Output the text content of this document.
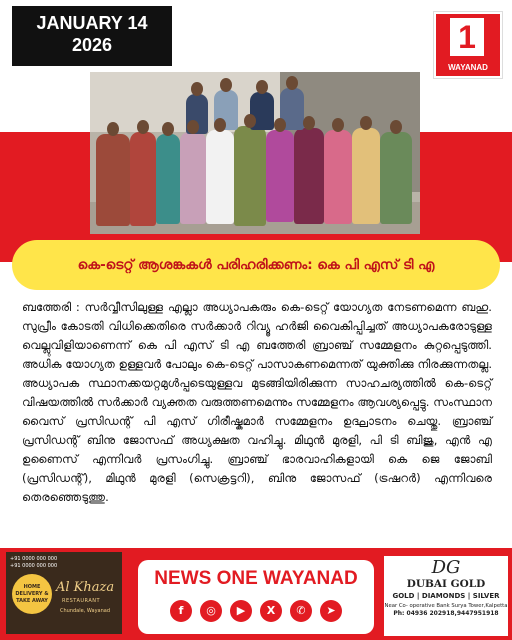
JANUARY 14
2026	1
WAYANAD
കെ-ടെറ്റ് ആശങ്കകൾ പരിഹരിക്കണം: കെ പി എസ് ടി എ
ബത്തേരി : സർവ്വീസിലുള്ള എല്ലാ അധ്യാപകരും കെ-ടെറ്റ് യോഗ്യത നേടണമെന്ന ബഹു. സുപ്രീം കോടതി വിധിക്കെതിരെ സർക്കാർ റിവ്യൂ ഹർജി വൈകിപ്പിച്ചത് അധ്യാപകരോടുള്ള വെല്ലുവിളിയാണെന്ന് കെ പി എസ് ടി എ ബത്തേരി ബ്രാഞ്ച് സമ്മേളനം കുറ്റപ്പെടുത്തി. അധിക യോഗ്യത ഉള്ളവർ പോലും കെ-ടെറ്റ് പാസാകണമെന്നത് യുക്തിക്കു നിരക്കുന്നതല്ല. അധ്യാപക സ്ഥാനക്കയറ്റമുൾപ്പടെയുള്ളവ മുടങ്ങിയിരിക്കുന്ന സാഹചര്യത്തിൽ കെ-ടെറ്റ് വിഷയത്തിൽ സർക്കാർ വ്യക്തത വരുത്തണമെന്നും സമ്മേളനം ആവശ്യപ്പെട്ടു. സംസ്ഥാന വൈസ് പ്രസിഡന്റ് പി എസ് ഗിരീഷ്കുമാർ സമ്മേളനം ഉദ്ഘാടനം ചെയ്തു. ബ്രാഞ്ച് പ്രസിഡന്റ് ബിനു ജോസഫ് അധ്യക്ഷത വഹിച്ചു. മിഥുൻ മുരളി, പി ടി ബിജു, എൻ എ ഉണൈസ് എന്നിവർ പ്രസംഗിച്ചു. ബ്രാഞ്ച് ഭാരവാഹികളായി കെ ജെ ജോബി (പ്രസിഡന്റ്), മിഥുൻ മുരളി (സെക്രട്ടറി), ബിനു ജോസഫ് (ട്രഷറർ) എന്നിവരെ തെരഞ്ഞെടുത്തു.
+91 0000 000 000
+91 0000 000 000
HOME DELIVERY & TAKE AWAY
Al Khaza
RESTAURANT
Chundale, Wayanad
NEWS ONE WAYANAD
f	◎	▶	X	✆	➤
DG
DUBAI GOLD
GOLD | DIAMONDS | SILVER
Near Co- operative Bank Surya Tower,Kalpetta
Ph: 04936 202918,9447951918
